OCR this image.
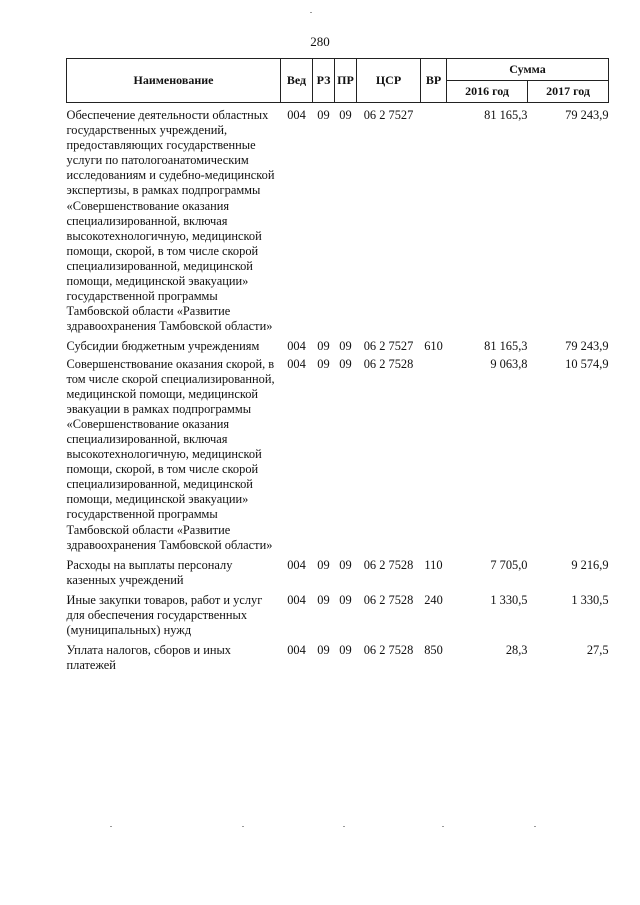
280
Наименование	Вед	РЗ	ПР	ЦСР	ВР	Сумма	
						2016 год	2017 год

Обеспечение деятельности областных государственных учреждений, предоставляющих государственные услуги по патологоанатомическим исследованиям и судебно-медицинской экспертизы, в рамках подпрограммы «Совершенствование оказания специализированной, включая высокотехнологичную, медицинской помощи, скорой, в том числе скорой специализированной, медицинской помощи, медицинской эвакуации» государственной программы Тамбовской области «Развитие здравоохранения Тамбовской области»	004	09	09	06 2 7527		81 165,3	79 243,9

Субсидии бюджетным учреждениям	004	09	09	06 2 7527	610	81 165,3	79 243,9

Совершенствование оказания скорой, в том числе скорой специализированной, медицинской помощи, медицинской эвакуации в рамках подпрограммы «Совершенствование оказания специализированной, включая высокотехнологичную, медицинской помощи, скорой, в том числе скорой специализированной, медицинской помощи, медицинской эвакуации» государственной программы Тамбовской области «Развитие здравоохранения Тамбовской области»	004	09	09	06 2 7528		9 063,8	10 574,9

Расходы на выплаты персоналу казенных учреждений	004	09	09	06 2 7528	110	7 705,0	9 216,9

Иные закупки товаров, работ и услуг для обеспечения государственных (муниципальных) нужд	004	09	09	06 2 7528	240	1 330,5	1 330,5

Уплата налогов, сборов и иных платежей	004	09	09	06 2 7528	850	28,3	27,5
